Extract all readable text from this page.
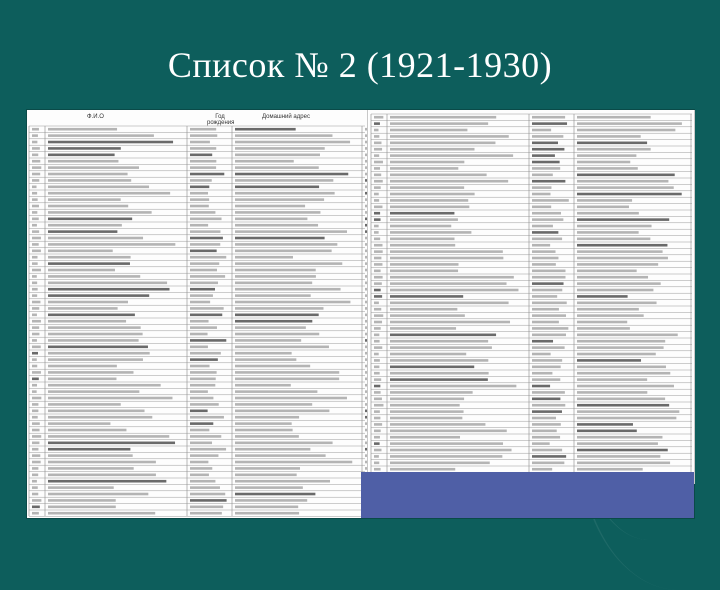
Список № 2 (1921-1930)
Ф.И.О	Год рождения
Домашний адрес
